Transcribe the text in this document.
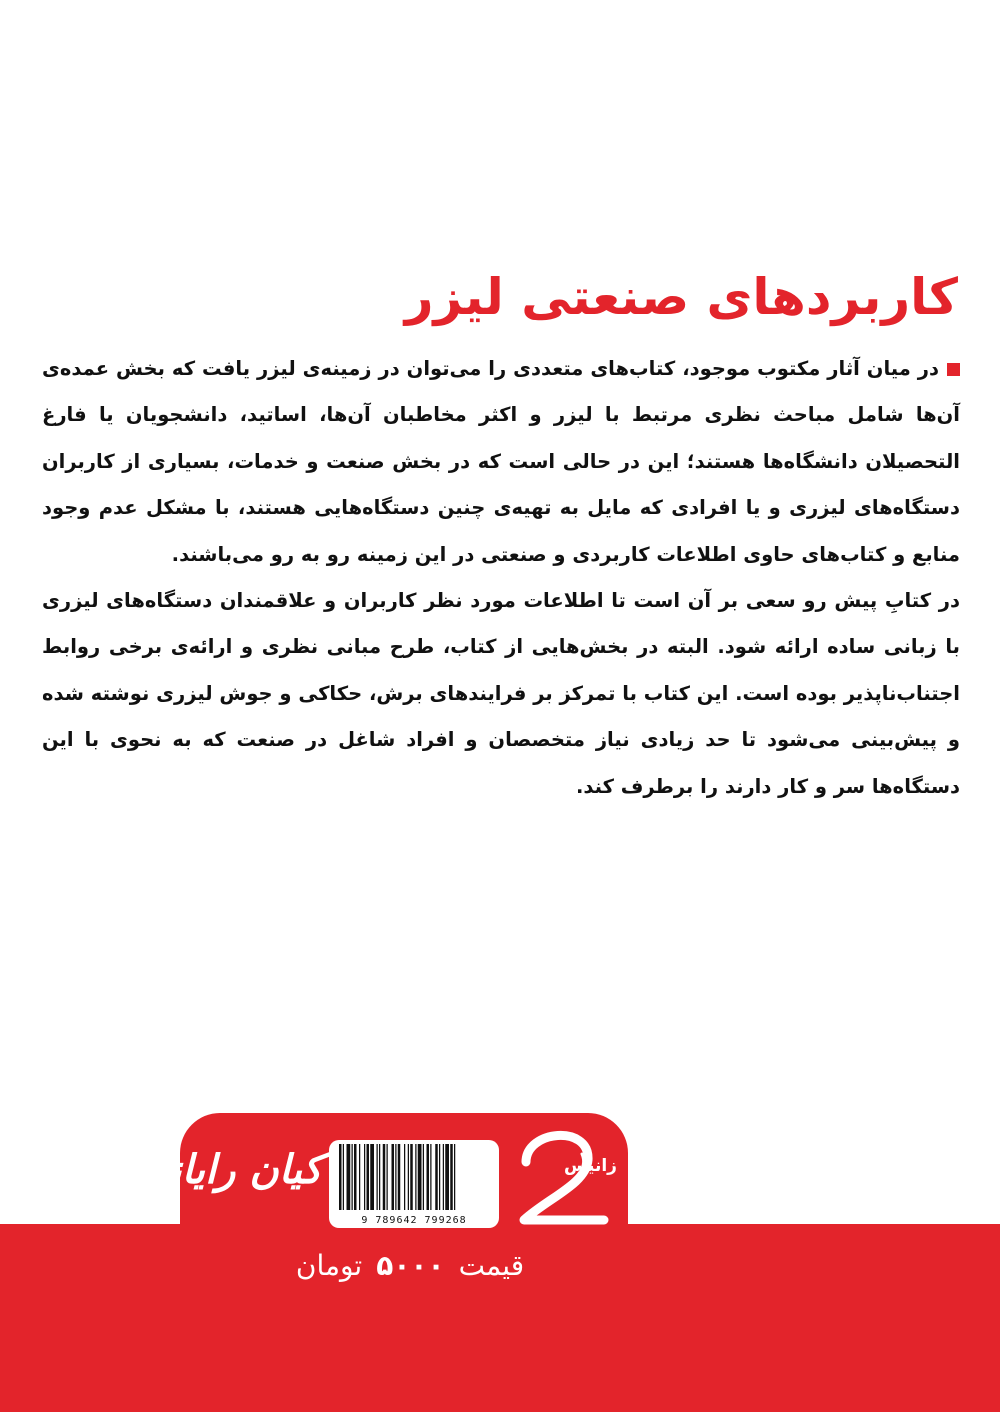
کاربردهای صنعتی لیزر

در میان آثار مکتوب موجود، کتاب‌های متعددی را می‌توان در زمینه‌ی لیزر یافت که بخش عمده‌ی آن‌ها شامل مباحث نظری مرتبط با لیزر و اکثر مخاطبان آن‌ها، اساتید، دانشجویان یا فارغ التحصیلان دانشگاه‌ها هستند؛ این در حالی است که در بخش صنعت و خدمات، بسیاری از کاربران دستگاه‌های لیزری و یا افرادی که مایل به تهیه‌ی چنین دستگاه‌هایی هستند، با مشکل عدم وجود منابع و کتاب‌های حاوی اطلاعات کاربردی و صنعتی در این زمینه رو به رو می‌باشند.

در کتابِ پیش رو سعی بر آن است تا اطلاعات مورد نظر کاربران و علاقمندان دستگاه‌های لیزری با زبانی ساده ارائه شود. البته در بخش‌هایی از کتاب، طرح مبانی نظری و ارائه‌ی برخی روابط اجتناب‌ناپذیر بوده است. این کتاب با تمرکز بر فرایندهای برش، حکاکی و جوش لیزری نوشته شده و پیش‌بینی می‌شود تا حد زیادی نیاز متخصصان و افراد شاغل در صنعت که به نحوی با این دستگاه‌ها سر و کار دارند را برطرف کند.

کیان رایانه
9 789642 799268
زانیس
قیمت۵۰۰۰تومان
